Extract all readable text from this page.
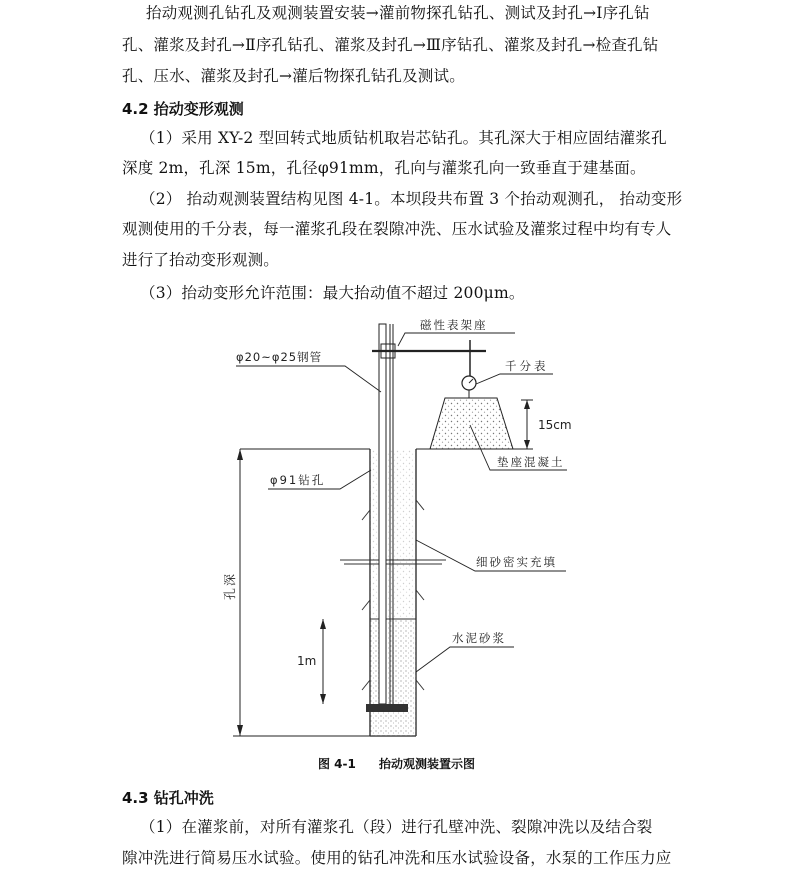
抬动观测孔钻孔及观测装置安装→灌前物探孔钻孔、测试及封孔→Ⅰ序孔钻
孔、灌浆及封孔→Ⅱ序孔钻孔、灌浆及封孔→Ⅲ序钻孔、灌浆及封孔→检查孔钻
孔、压水、灌浆及封孔→灌后物探孔钻孔及测试。
4.2 抬动变形观测
（1）采用 XY-2 型回转式地质钻机取岩芯钻孔。其孔深大于相应固结灌浆孔
深度 2m，孔深 15m，孔径φ91mm，孔向与灌浆孔向一致垂直于建基面。
（2） 抬动观测装置结构见图 4-1。本坝段共布置 3 个抬动观测孔， 抬动变形
观测使用的千分表，每一灌浆孔段在裂隙冲洗、压水试验及灌浆过程中均有专人
进行了抬动变形观测。
（3）抬动变形允许范围：最大抬动值不超过 200μm。
磁性表架座
φ20~φ25钢管
千分表
15cm
垫座混凝土
φ91钻孔
细砂密实充填
孔深
水泥砂浆
1m
图 4-1 抬动观测装置示图
4.3 钻孔冲洗
（1）在灌浆前，对所有灌浆孔（段）进行孔壁冲洗、裂隙冲洗以及结合裂
隙冲洗进行简易压水试验。使用的钻孔冲洗和压水试验设备，水泵的工作压力应
